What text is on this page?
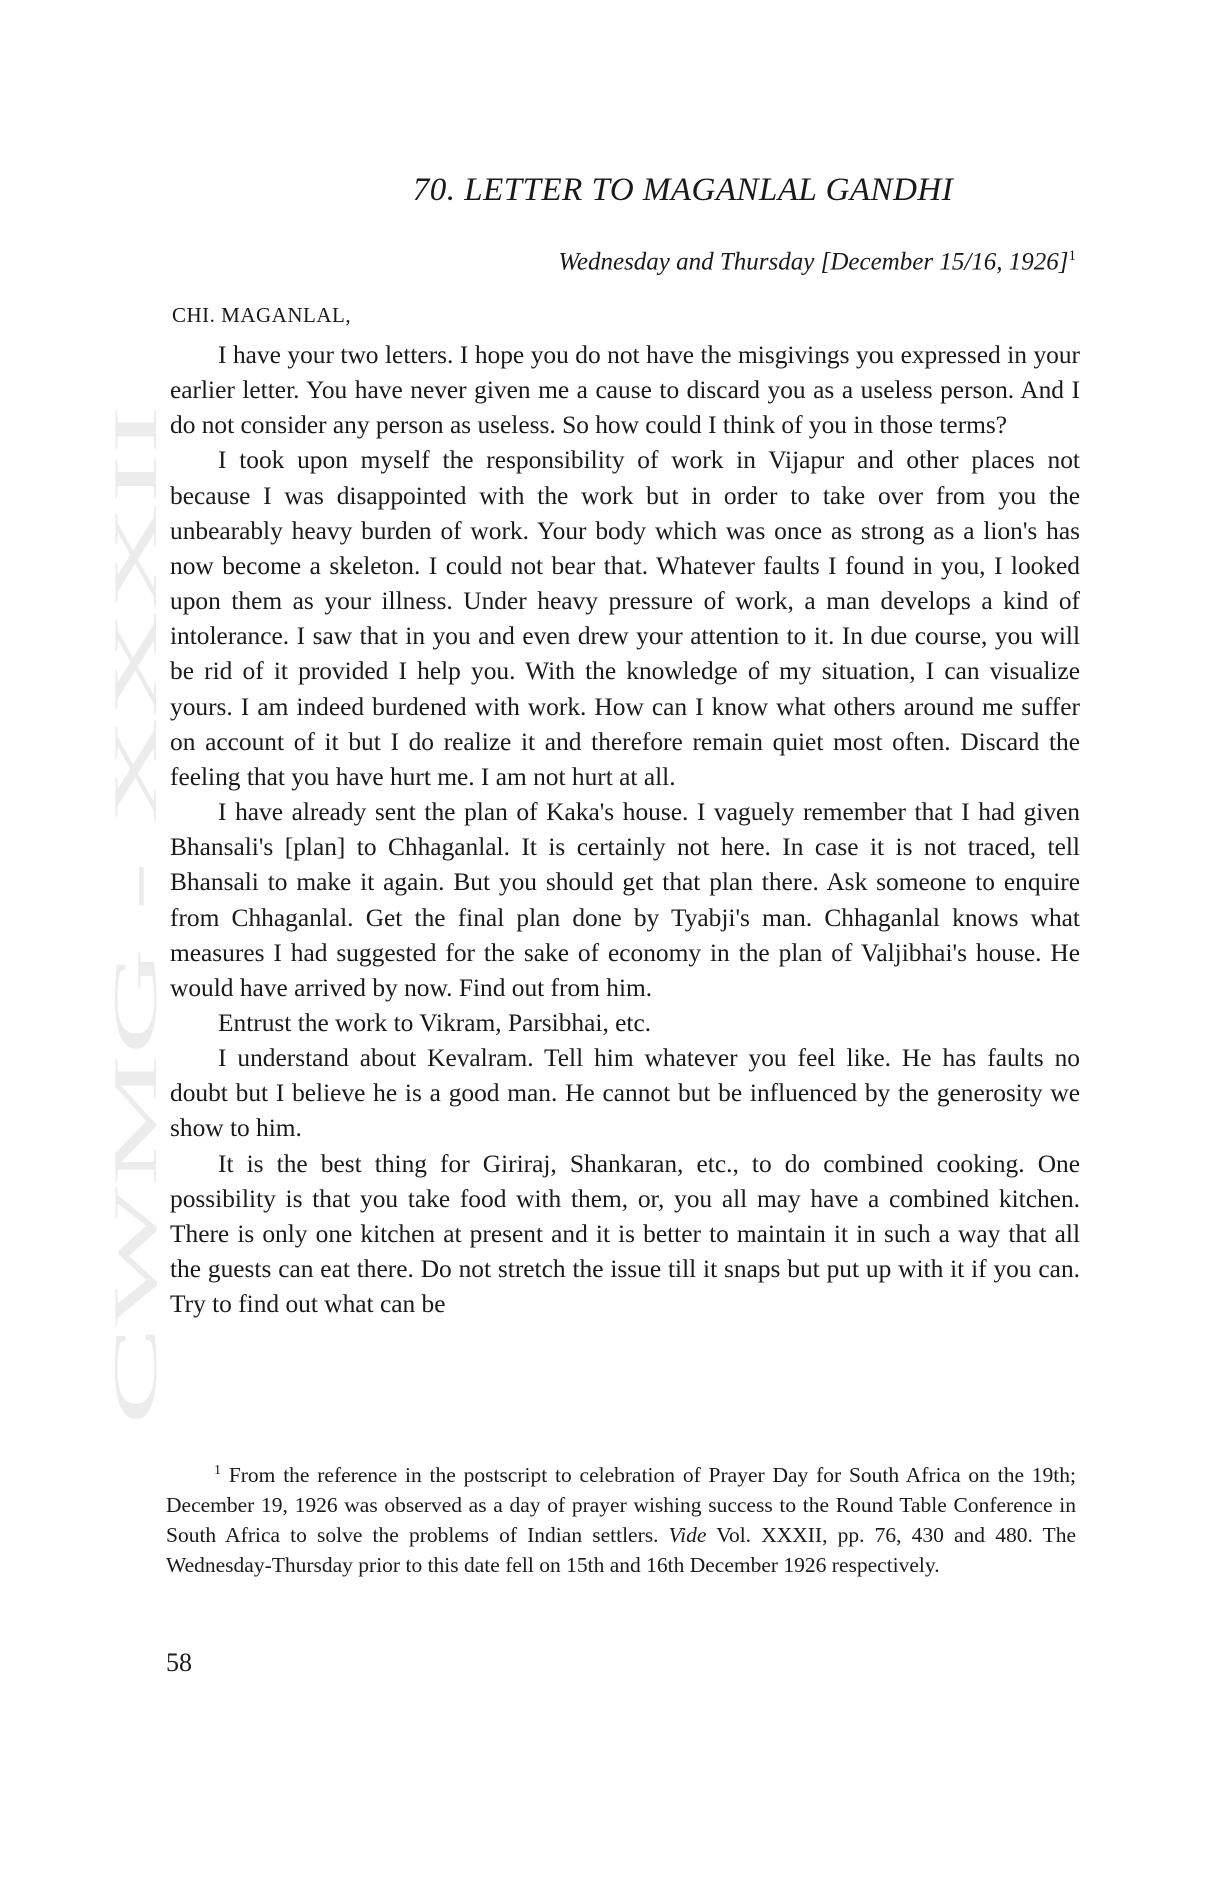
CWMG - XXXII
70. LETTER TO MAGANLAL GANDHI
Wednesday and Thursday [December 15/16, 1926]$^1$
CHI. MAGANLAL,

I have your two letters. I hope you do not have the misgivings you expressed in your earlier letter. You have never given me a cause to discard you as a useless person. And I do not consider any person as useless. So how could I think of you in those terms?

I took upon myself the responsibility of work in Vijapur and other places not because I was disappointed with the work but in order to take over from you the unbearably heavy burden of work. Your body which was once as strong as a lion's has now become a skeleton. I could not bear that. Whatever faults I found in you, I looked upon them as your illness. Under heavy pressure of work, a man develops a kind of intolerance. I saw that in you and even drew your attention to it. In due course, you will be rid of it provided I help you. With the knowledge of my situation, I can visualize yours. I am indeed burdened with work. How can I know what others around me suffer on account of it but I do realize it and therefore remain quiet most often. Discard the feeling that you have hurt me. I am not hurt at all.

I have already sent the plan of Kaka's house. I vaguely remember that I had given Bhansali's [plan] to Chhaganlal. It is certainly not here. In case it is not traced, tell Bhansali to make it again. But you should get that plan there. Ask someone to enquire from Chhaganlal. Get the final plan done by Tyabji's man. Chhaganlal knows what measures I had suggested for the sake of economy in the plan of Valjibhai's house. He would have arrived by now. Find out from him.

Entrust the work to Vikram, Parsibhai, etc.

I understand about Kevalram. Tell him whatever you feel like. He has faults no doubt but I believe he is a good man. He cannot but be influenced by the generosity we show to him.

It is the best thing for Giriraj, Shankaran, etc., to do combined cooking. One possibility is that you take food with them, or, you all may have a combined kitchen. There is only one kitchen at present and it is better to maintain it in such a way that all the guests can eat there. Do not stretch the issue till it snaps but put up with it if you can. Try to find out what can be

$^1$ From the reference in the postscript to celebration of Prayer Day for South Africa on the 19th; December 19, 1926 was observed as a day of prayer wishing success to the Round Table Conference in South Africa to solve the problems of Indian settlers. Vide Vol. XXXII, pp. 76, 430 and 480. The Wednesday-Thursday prior to this date fell on 15th and 16th December 1926 respectively.

58
